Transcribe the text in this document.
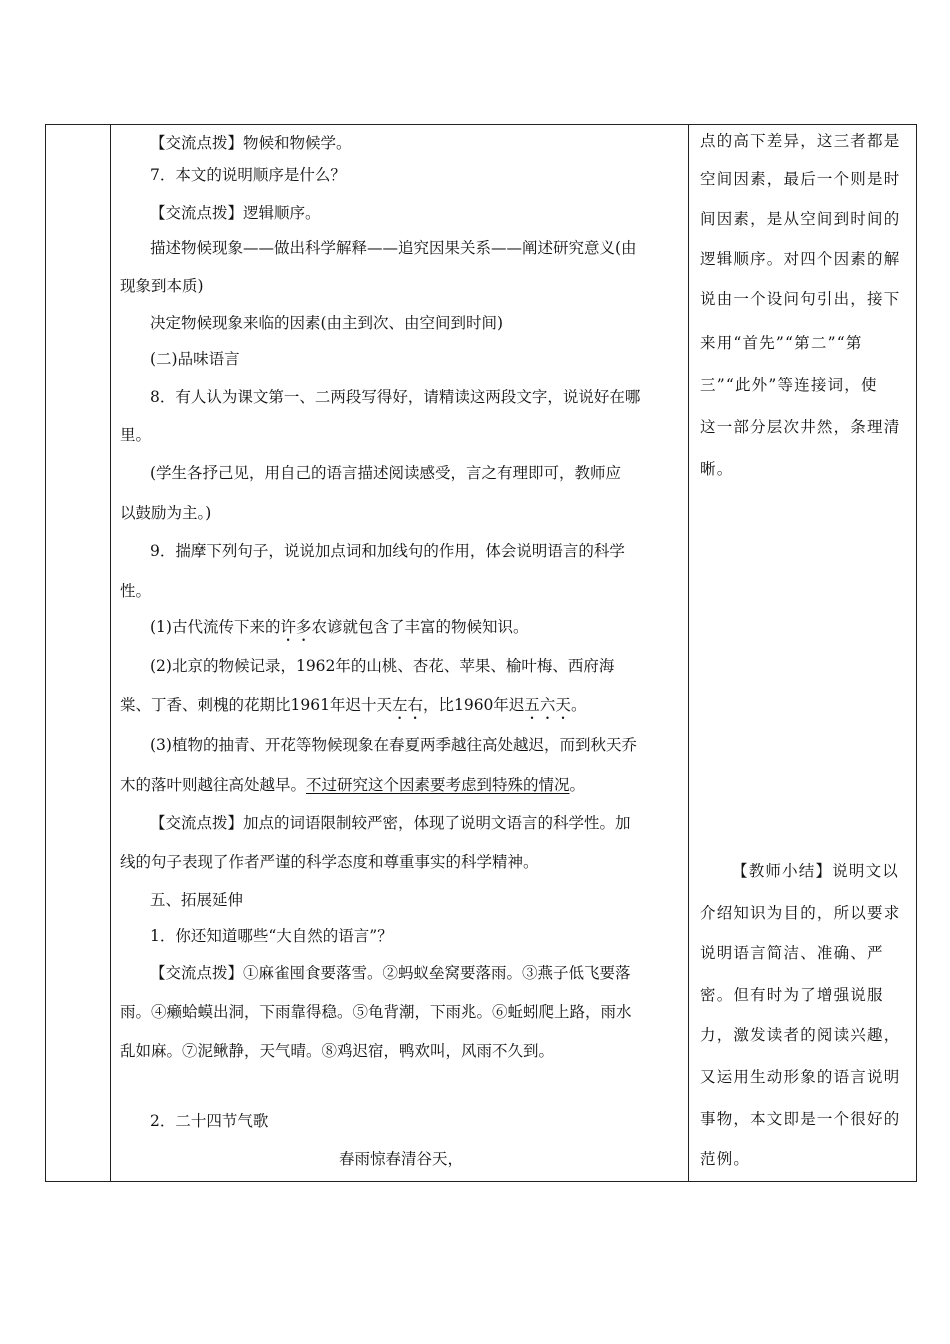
【交流点拨】物候和物候学。
7．本文的说明顺序是什么？
【交流点拨】逻辑顺序。
描述物候现象——做出科学解释——追究因果关系——阐述研究意义(由
现象到本质)
决定物候现象来临的因素(由主到次、由空间到时间)
(二)品味语言
8．有人认为课文第一、二两段写得好，请精读这两段文字，说说好在哪
里。
(学生各抒己见，用自己的语言描述阅读感受，言之有理即可，教师应
以鼓励为主。)
9．揣摩下列句子，说说加点词和加线句的作用，体会说明语言的科学
性。
(1)古代流传下来的许多农谚就包含了丰富的物候知识。
(2)北京的物候记录，1962年的山桃、杏花、苹果、榆叶梅、西府海
棠、丁香、刺槐的花期比1961年迟十天左右，比1960年迟五六天。
(3)植物的抽青、开花等物候现象在春夏两季越往高处越迟，而到秋天乔
木的落叶则越往高处越早。不过研究这个因素要考虑到特殊的情况。
【交流点拨】加点的词语限制较严密，体现了说明文语言的科学性。加
线的句子表现了作者严谨的科学态度和尊重事实的科学精神。
五、拓展延伸
1．你还知道哪些“大自然的语言”？
【交流点拨】①麻雀囤食要落雪。②蚂蚁垒窝要落雨。③燕子低飞要落
雨。④癞蛤蟆出洞，下雨靠得稳。⑤龟背潮，下雨兆。⑥蚯蚓爬上路，雨水
乱如麻。⑦泥鳅静，天气晴。⑧鸡迟宿，鸭欢叫，风雨不久到。
2．二十四节气歌
春雨惊春清谷天，
点的高下差异，这三者都是
空间因素，最后一个则是时
间因素，是从空间到时间的
逻辑顺序。对四个因素的解
说由一个设问句引出，接下
来用“首先”“第二”“第
三”“此外”等连接词，使
这一部分层次井然，条理清
晰。
【教师小结】说明文以
介绍知识为目的，所以要求
说明语言简洁、准确、严
密。但有时为了增强说服
力，激发读者的阅读兴趣，
又运用生动形象的语言说明
事物，本文即是一个很好的
范例。
